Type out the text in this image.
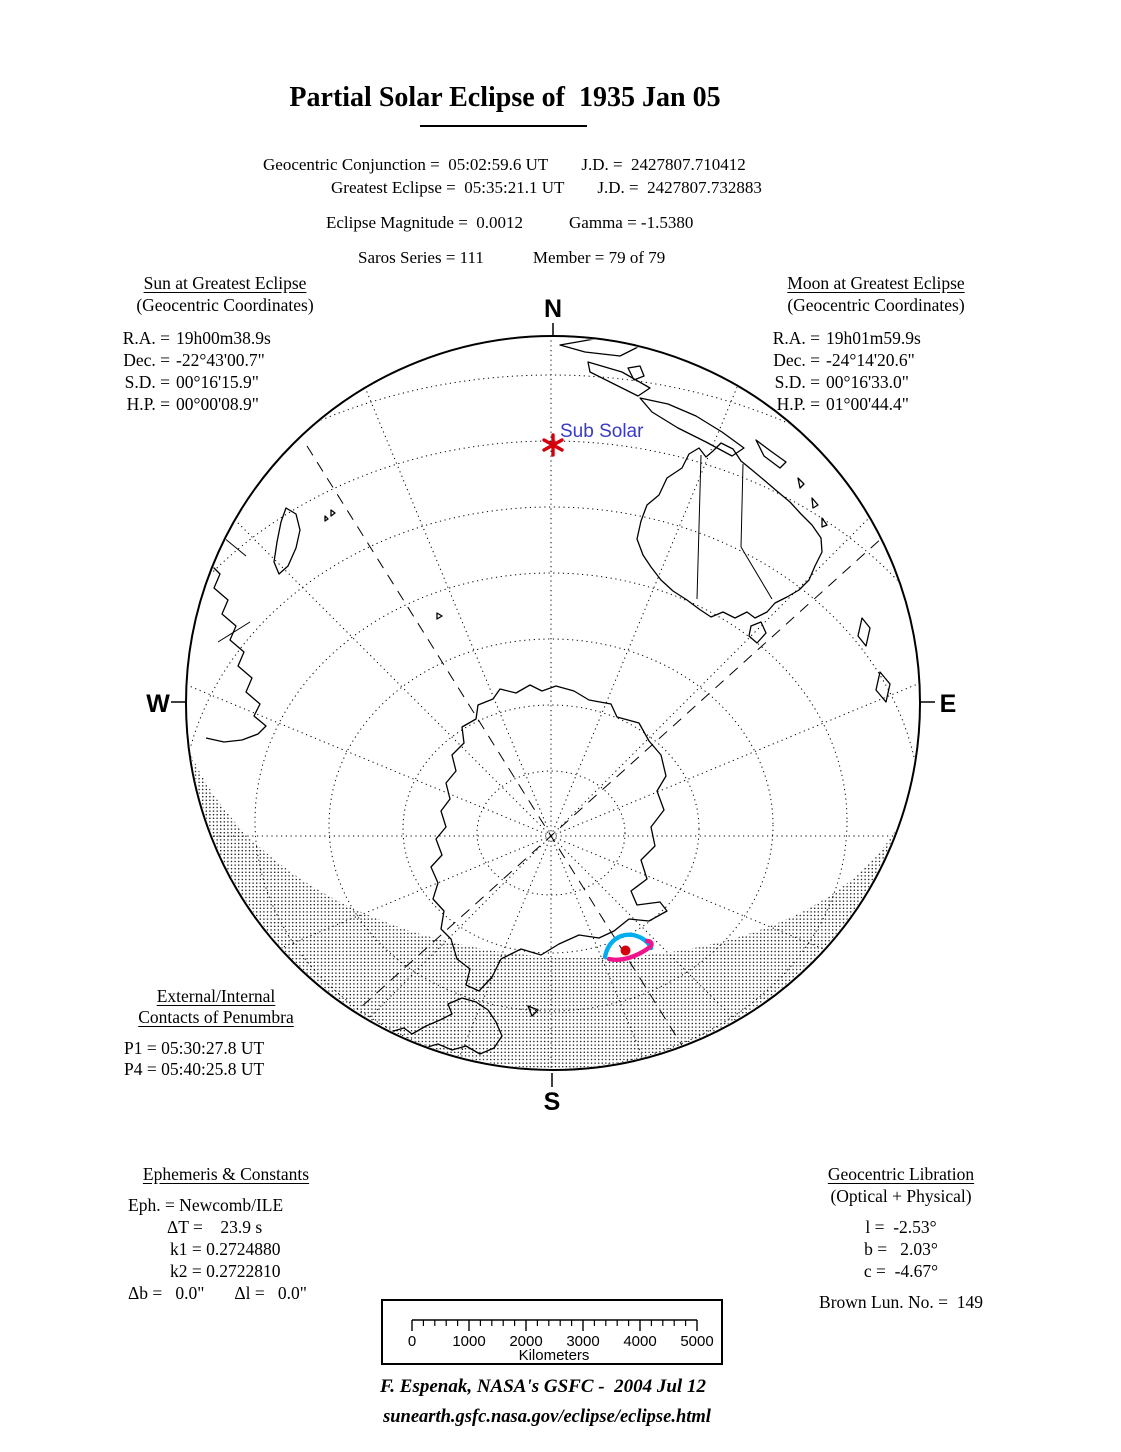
Partial Solar Eclipse of  1935 Jan 05
Geocentric Conjunction =  05:02:59.6 UT J.D. =  2427807.710412
Greatest Eclipse =  05:35:21.1 UT J.D. =  2427807.732883
Eclipse Magnitude =  0.0012	Gamma = -1.5380
Saros Series = 111	Member = 79 of 79
Sun at Greatest Eclipse
(Geocentric Coordinates)
R.A. = 19h00m38.9s
Dec. = -22°43'00.7"
S.D. = 00°16'15.9"
H.P. = 00°00'08.9"
Moon at Greatest Eclipse
(Geocentric Coordinates)
R.A. = 19h01m59.9s
Dec. = -24°14'20.6"
S.D. = 00°16'33.0"
H.P. = 01°00'44.4"
N
S
W	E
Sub Solar
External/Internal
Contacts of Penumbra
P1 = 05:30:27.8 UT
P4 = 05:40:25.8 UT
Ephemeris & Constants
Eph. = Newcomb/ILE
ΔT =    23.9 s
k1 = 0.2724880
k2 = 0.2722810
Δb =   0.0" Δl =   0.0"
Geocentric Libration
(Optical + Physical)
l =  -2.53°
b =   2.03°
c =  -4.67°
Brown Lun. No. =  149
0 1000 2000 3000 4000 5000
Kilometers
F. Espenak, NASA's GSFC -  2004 Jul 12
sunearth.gsfc.nasa.gov/eclipse/eclipse.html
